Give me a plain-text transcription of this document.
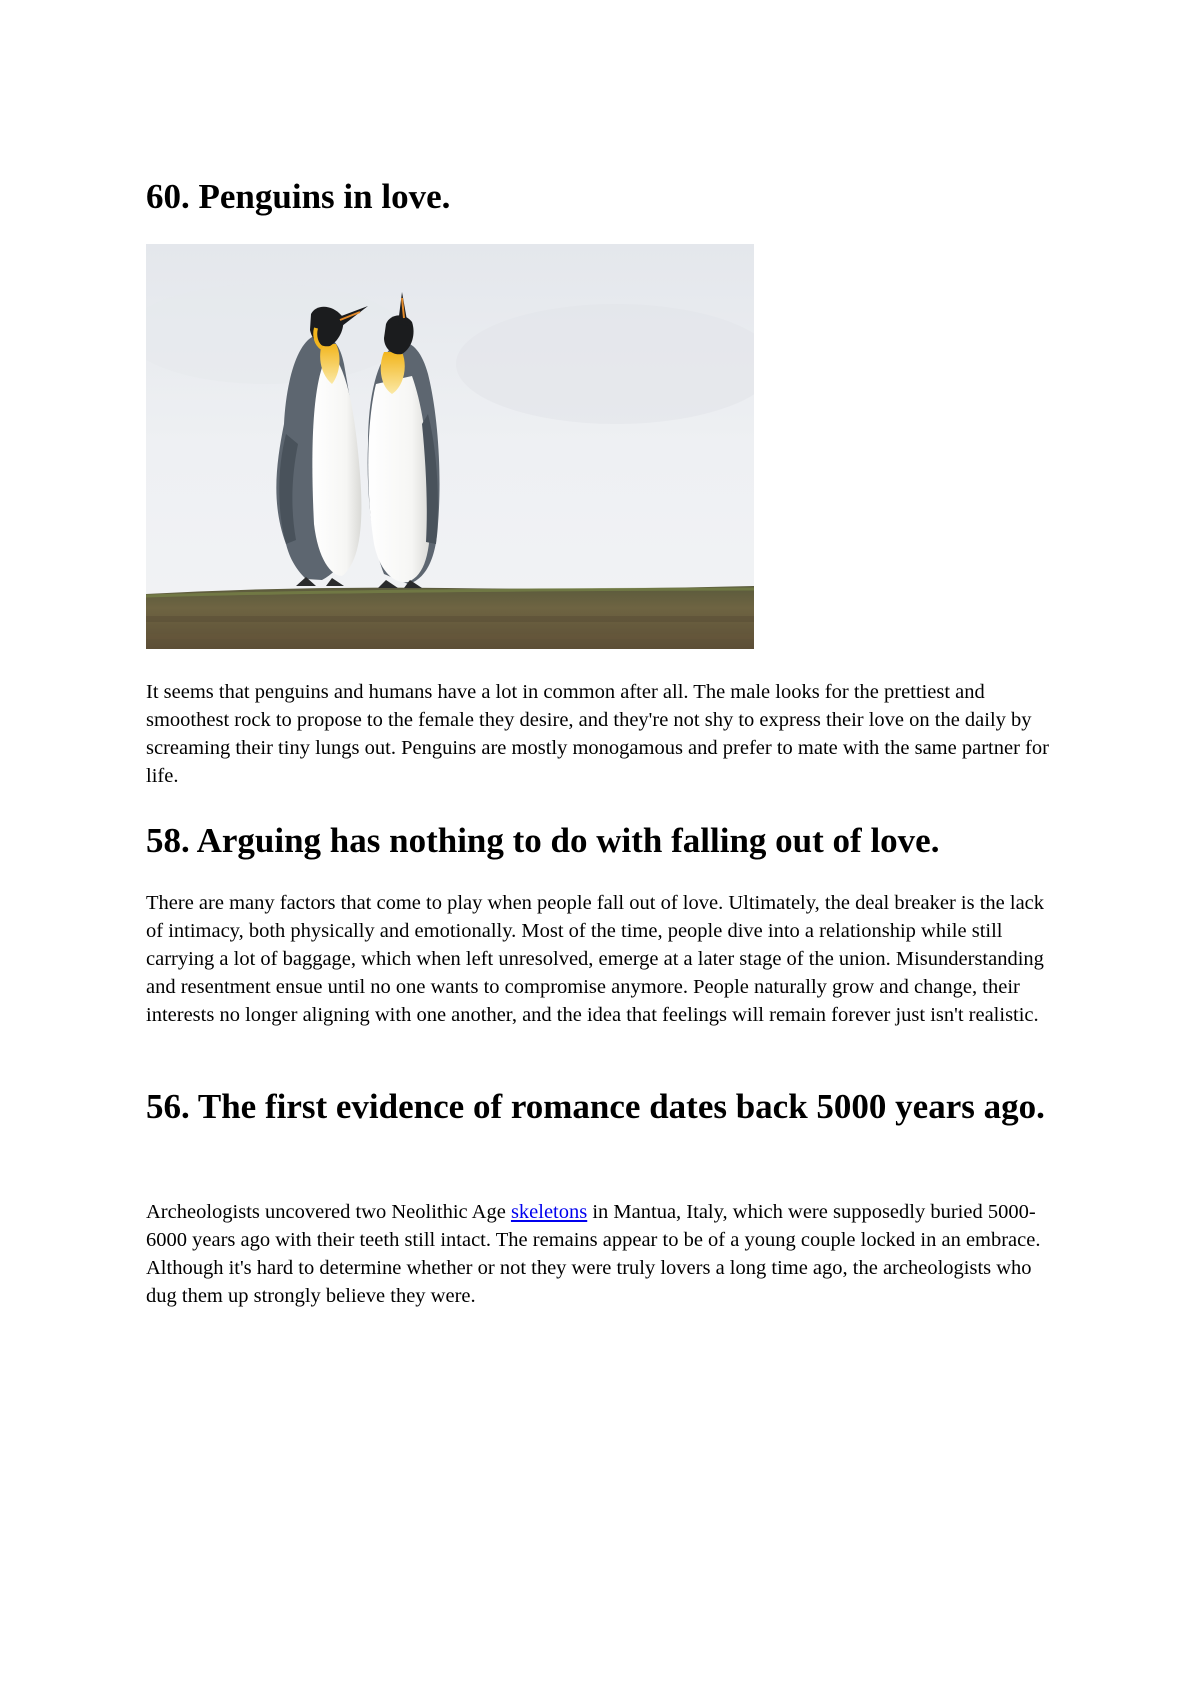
60. Penguins in love.

It seems that penguins and humans have a lot in common after all. The male looks for the prettiest and smoothest rock to propose to the female they desire, and they're not shy to express their love on the daily by screaming their tiny lungs out. Penguins are mostly monogamous and prefer to mate with the same partner for life.

58. Arguing has nothing to do with falling out of love.

There are many factors that come to play when people fall out of love. Ultimately, the deal breaker is the lack of intimacy, both physically and emotionally. Most of the time, people dive into a relationship while still carrying a lot of baggage, which when left unresolved, emerge at a later stage of the union. Misunderstanding and resentment ensue until no one wants to compromise anymore. People naturally grow and change, their interests no longer aligning with one another, and the idea that feelings will remain forever just isn't realistic.

56. The first evidence of romance dates back 5000 years ago.

Archeologists uncovered two Neolithic Age skeletons in Mantua, Italy, which were supposedly buried 5000-6000 years ago with their teeth still intact. The remains appear to be of a young couple locked in an embrace. Although it's hard to determine whether or not they were truly lovers a long time ago, the archeologists who dug them up strongly believe they were.
